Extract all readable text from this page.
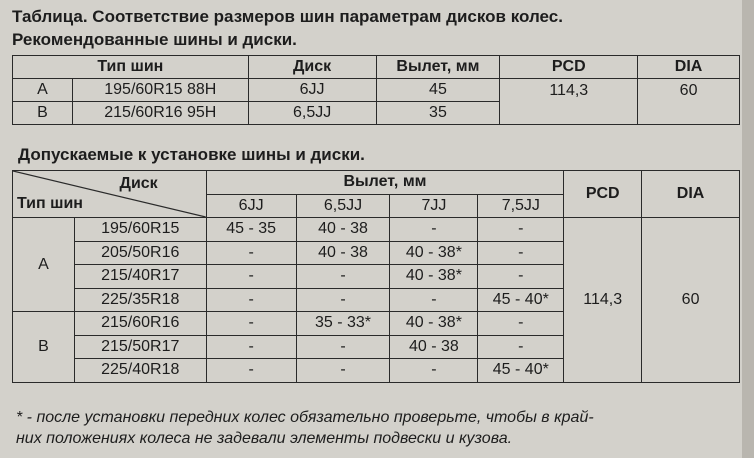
Таблица. Соответствие размеров шин параметрам дисков колес.
Рекомендованные шины и диски.
Тип шин		Диск	Вылет, мм	PCD	DIA
A	195/60R15 88H	6JJ	45	114,3	60
B	215/60R16 95H	6,5JJ	35		
Допускаемые к установке шины и диски.
Диск
Тип шин		Вылет, мм				PCD	DIA
		6JJ	6,5JJ	7JJ	7,5JJ		
A	195/60R15	45 - 35	40 - 38	-	-	114,3	60
	205/50R16	-	40 - 38	40 - 38*	-		
	215/40R17	-	-	40 - 38*	-		
	225/35R18	-	-	-	45 - 40*		
B	215/60R16	-	35 - 33*	40 - 38*	-		
	215/50R17	-	-	40 - 38	-		
	225/40R18	-	-	-	45 - 40*		
* - после установки передних колес обязательно проверьте, чтобы в край-
них положениях колеса не задевали элементы подвески и кузова.
